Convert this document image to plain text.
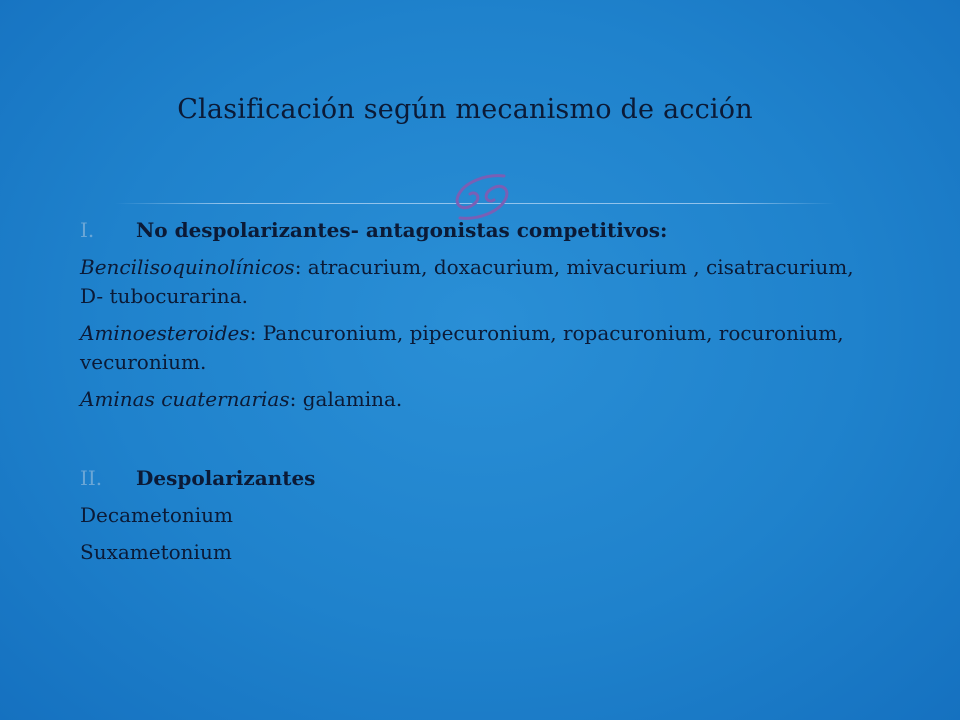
Clasificación según mecanismo de acción

I.	No despolarizantes- antagonistas competitivos:

Bencilisoquinolínicos: atracurium, doxacurium, mivacurium , cisatracurium, D- tubocurarina.

Aminoesteroides: Pancuronium, pipecuronium, ropacuronium, rocuronium, vecuronium.

Aminas cuaternarias: galamina.

II.	Despolarizantes

Decametonium

Suxametonium
